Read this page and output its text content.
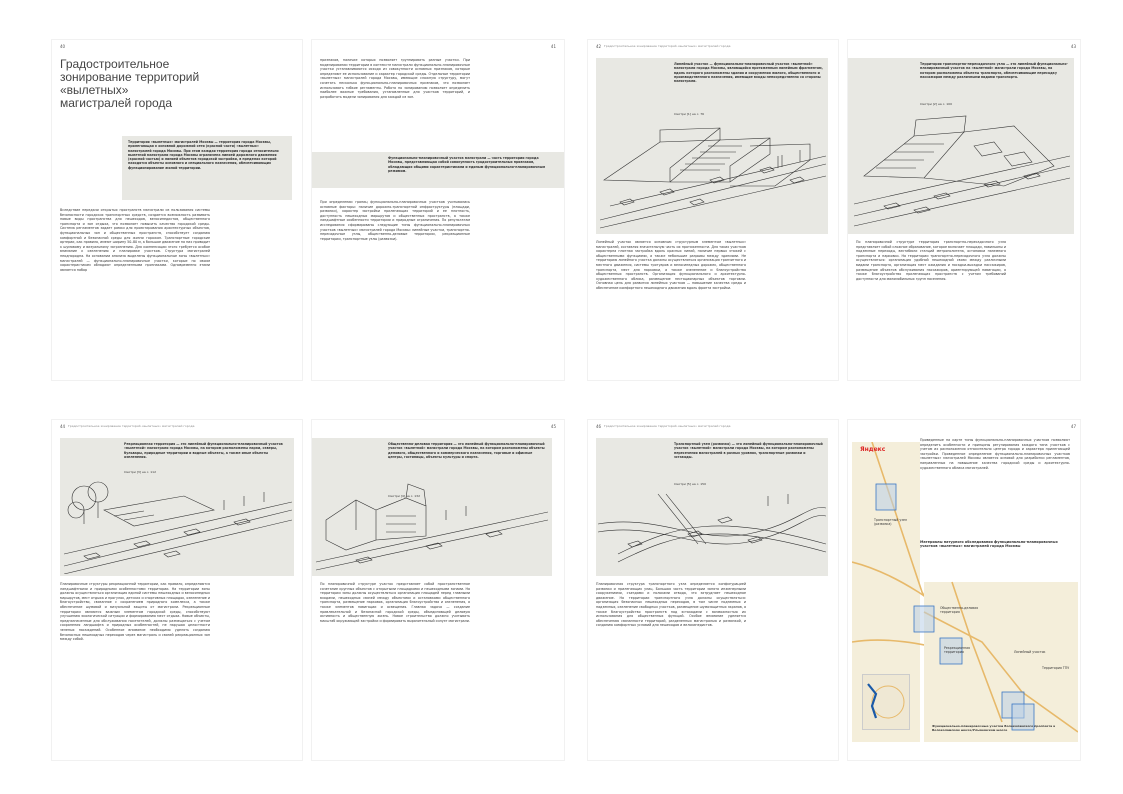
40
Градостроительное зонирование территорий «вылетных» магистралей города
Территория «вылетных» магистралей Москвы — территория города Москвы, прилегающая к основной дорожной сети (красной части) «вылетных» магистралей города Москвы. При этом каждая территория города относительно вылетной магистрали города Москвы ограничена линией дорожного движения (красной частью) и линией объектов городской застройки, в пределах которой находятся объекты основного и специального назначения, обеспечивающих функционирование жилой территории.
Вследствие передачи открытых пространств магистрали из пользования системы безопасности городских транспортных средств, создается возможность развивать новые виды пространства для пешеходов, велосипедистов, общественного транспорта и зон отдыха, что позволяет повысить качество городской среды. Система регламентов задает рамки для проектирования архитектурных объектов, функциональных зон и общественных пространств, способствует созданию комфортной и безопасной среды для жизни горожан. Транспортные городские артерии, как правило, имеют ширину 50–80 м, а большое движение на них приводит к шумовому и визуальному загрязнению. Для компенсации этого требуется особое внимание к озеленению и планировке участков. Структура магистралей неоднородна. На основании анализа выделены функциональные зоны «вылетных» магистралей — функционально-планировочные участки, которые по своим характеристикам обладают определенными признаками. Одновременно этими является набор
41
признаков, наличие которых позволяет группировать разные участки. При моделировании территории в контексте магистрали функционально-планировочные участки устанавливаются исходя из совокупности основных признаков, которые определяют ее использование и характер городской среды. Отдельные территории «вылетных» магистралей города Москвы, имеющие сложную структуру, могут сочетать несколько функционально-планировочных признаков, что позволяет использовать гибкие регламенты. Работа по зонированию позволяет определить наиболее важные требования, установленные для участков территорий, и разработать модели зонирования для каждой из зон.
Функционально-планировочный участок магистрали — часть территории города Москвы, представляющая собой совокупность градостроительных признаков, обладающих общими характеристиками и единым функционально-планировочным режимом.
При определении границ функционально-планировочных участков учитывались основные факторы: наличие дорожно-транспортной инфраструктуры (площади, развязки), характер застройки прилегающих территорий и ее плотность, доступность пешеходных маршрутов и общественных пространств, а также ландшафтные особенности территории и природные ограничения. По результатам исследования сформированы следующие типы функционально-планировочных участков «вылетных» магистралей города Москвы: линейные участки, транспортно-пересадочные узлы, общественно-деловые территории, рекреационные территории, транспортные узлы (развязки).
42 Градостроительное зонирование территорий «вылетных» магистралей города
Линейный участок — функционально-планировочный участок «вылетной» магистрали города Москвы, являющийся протяженным линейным фрагментом, вдоль которого расположены здания и сооружения жилого, общественного и производственного назначения, имеющие входы непосредственно со стороны магистрали.
Смотри [1] на с. 76
Линейный участок является основным структурным элементом «вылетных» магистралей, составляя значительную часть их протяженности. Для таких участков характерна плотная застройка вдоль красных линий, наличие первых этажей с общественными функциями, а также небольшие разрывы между зданиями. Не территорию линейного участка должны осуществляться организация транзитного и местного движения, системы тротуаров и велосипедных дорожек, общественного транспорта, мест для парковки, а также озеленение и благоустройство общественных пространств. Организация функционального и архитектурно-художественного облика, размещение нестационарных объектов торговли. Основная цель для развития линейных участков — повышение качества среды и обеспечение комфортного пешеходного движения вдоль фронта застройки.
43
Территория транспортно-пересадочного узла — это линейный функционально-планировочный участок на «вылетной» магистрали города Москвы, на котором расположены объекты транспорта, обеспечивающие пересадку пассажиров между различными видами транспорта.
Смотри [2] на с. 100
По планировочной структуре территория транспортно-пересадочного узла представляет собой сложное образование, которое включает площади, павильоны и подземные переходы, вестибюли станций метрополитена, остановки наземного транспорта и парковки. На территории транспортно-пересадочного узла должны осуществляться: организация удобной пешеходной связи между различными видами транспорта, организация мест ожидания и посадки-высадки пассажиров, размещение объектов обслуживания пассажиров, ориентирующей навигации, а также благоустройство прилегающих пространств с учетом требований доступности для маломобильных групп населения.
44 Градостроительное зонирование территорий «вылетных» магистралей города
Рекреационная территория — это линейный функционально-планировочный участок «вылетной» магистрали города Москвы, на котором расположены парки, скверы, бульвары, природные территории и водные объекты, а также иные объекты озеленения.
Смотри [3] на с. 112
Планировочные структуры рекреационной территории, как правило, определяются ландшафтными и природными особенностями территории. На территории зоны должны осуществляться организация единой системы пешеходных и велосипедных маршрутов, мест отдыха и прогулок, детских и спортивных площадок, озеленение и благоустройство, связанное с сохранением природного комплекса, а также обеспечение шумовой и визуальной защиты от магистрали. Рекреационные территории являются важным элементом городской среды, способствуют улучшению экологической ситуации и формированию мест отдыха. Новые объекты, предназначенные для обслуживания посетителей, должны размещаться с учетом сохранения ландшафта и природных особенностей, не нарушая целостности зеленых насаждений. Особенное внимание необходимо уделять созданию безопасных пешеходных переходов через магистраль и связей рекреационных зон между собой.
45
Общественно-деловая территория — это линейный функционально-планировочный участок «вылетной» магистрали города Москвы, на котором расположены объекты делового, общественного и коммерческого назначения, торговые и офисные центры, гостиницы, объекты культуры и спорта.
Смотри [4] на с. 132
По планировочной структуре участок представляет собой пространственное сочетание крупных объектов с открытыми площадками и пешеходными зонами. На территории зоны должны осуществляться организация площадей перед главными входами, пешеходных связей между объектами и остановками общественного транспорта, размещение парковок, организация благоустройства и озеленения, а также элементов навигации и освещения. Главная задача — создание привлекательной и безопасной городской среды, объединяющей деловую активность и общественную жизнь. Новое строительство должно учитывать масштаб окружающей застройки и формировать выразительный силуэт магистрали.
46 Градостроительное зонирование территорий «вылетных» магистралей города
Транспортный узел (развязка) — это линейный функционально-планировочный участок «вылетной» магистрали города Москвы, на котором расположены пересечения магистралей в разных уровнях, транспортные развязки и эстакады.
Смотри [5] на с. 150
Планировочная структура транспортного узла определяется конфигурацией развязки и прилегающих улиц. Большая часть территории занята инженерными сооружениями, съездами и полосами отвода, что затрудняет пешеходное движение. На территории транспортного узла должны осуществляться: организация безопасных пешеходных переходов, в том числе подземных и надземных, озеленение свободных участков, размещение шумозащитных экранов, а также благоустройство пространств под эстакадами с возможностью их использования для общественных функций. Особое внимание уделяется обеспечению связанности территорий, разделенных магистралью и развязкой, и созданию комфортных условий для пешеходов и велосипедистов.
47
Приведенные на карте типы функционально-планировочных участков позволяют определить особенности и принципы регулирования каждого типа участков с учетом их расположения относительно центра города и характера прилегающей застройки. Проведенное определение функционально-планировочных участков «вылетных» магистралей Москвы является основой для разработки регламентов, направленных на повышение качества городской среды и архитектурно-художественного облика магистралей.
Материалы натурного обследования функционально-планировочных участков «вылетных» магистралей города Москвы
Яндекс
Транспортный узел (развязка)
Общественно-деловая территория
Рекреационная территория	Линейный участок
Территория ТПУ
Функционально-планировочные участки Волоколамского проспекта в Волоколамском шоссе/Ульяновском шоссе
